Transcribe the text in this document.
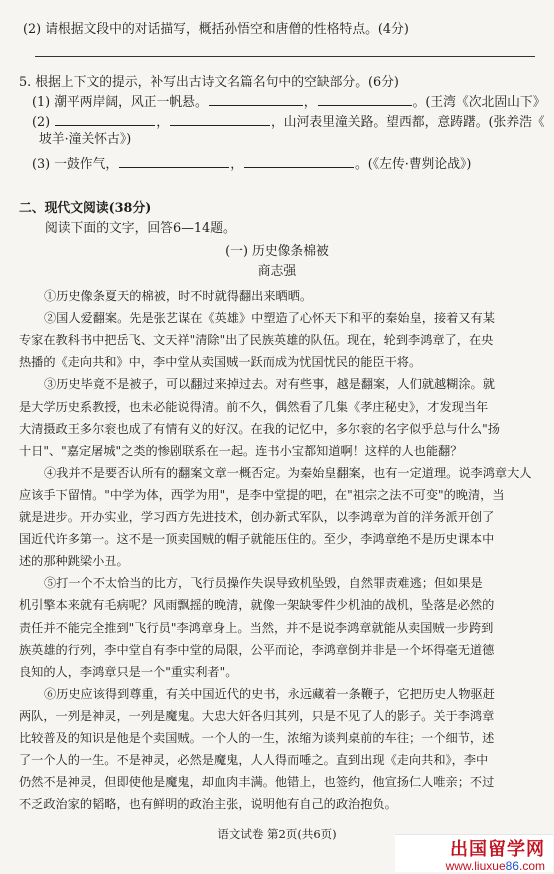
(2) 请根据文段中的对话描写，概括孙悟空和唐僧的性格特点。(4分)
5. 根据上下文的提示，补写出古诗文名篇名句中的空缺部分。(6分)
(1) 潮平两岸阔，风正一帆悬。	，	。(王湾《次北固山下》
(2)	，	，山河表里潼关路。望西都，意踌躇。(张养浩《
坡羊·潼关怀古》)
(3) 一鼓作气，	，	。(《左传·曹刿论战》)
二、现代文阅读(38分)
阅读下面的文字，回答6—14题。
(一) 历史像条棉被
商志强
①历史像条夏天的棉被，时不时就得翻出来晒晒。
②国人爱翻案。先是张艺谋在《英雄》中塑造了心怀天下和平的秦始皇，接着又有某
专家在教科书中把岳飞、文天祥"清除"出了民族英雄的队伍。现在，轮到李鸿章了，在央
热播的《走向共和》中，李中堂从卖国贼一跃而成为忧国忧民的能臣干将。
③历史毕竟不是被子，可以翻过来掉过去。对有些事，越是翻案，人们就越糊涂。就
是大学历史系教授，也未必能说得清。前不久，偶然看了几集《孝庄秘史》，才发现当年
大清摄政王多尔衮也成了有情有义的好汉。在我的记忆中，多尔衮的名字似乎总与什么"扬
十日"、"嘉定屠城"之类的惨剧联系在一起。连书小宝都知道啊！这样的人也能翻？
④我并不是要否认所有的翻案文章一概否定。为秦始皇翻案，也有一定道理。说李鸿章大人
应该手下留情。"中学为体，西学为用"，是李中堂提的吧，在"祖宗之法不可变"的晚清，当
就是进步。开办实业，学习西方先进技术，创办新式军队，以李鸿章为首的洋务派开创了
国近代许多第一。这不是一顶卖国贼的帽子就能压住的。至少，李鸿章绝不是历史课本中
述的那种跳梁小丑。
⑤打一个不太恰当的比方，飞行员操作失误导致机坠毁，自然罪责难逃；但如果是
机引擎本来就有毛病呢？风雨飘摇的晚清，就像一架缺零件少机油的战机，坠落是必然的
责任并不能完全推到"飞行员"李鸿章身上。当然，并不是说李鸿章就能从卖国贼一步跨到
族英雄的行列，李中堂自有李中堂的局限，公平而论，李鸿章倒并非是一个坏得毫无道德
良知的人，李鸿章只是一个"重实利者"。
⑥历史应该得到尊重，有关中国近代的史书，永远藏着一条鞭子，它把历史人物驱赶
两队，一列是神灵，一列是魔鬼。大忠大奸各归其列，只是不见了人的影子。关于李鸿章
比较普及的知识是他是个卖国贼。一个人的一生，浓缩为谈判桌前的车往；一个细节，述
了一个人的一生。不是神灵，必然是魔鬼，人人得而唾之。直到出现《走向共和》，李中
仍然不是神灵，但即使他是魔鬼，却血肉丰满。他错上，也签约，他宣扬仁人唯亲；不过
不乏政治家的韬略，也有鲜明的政治主张，说明他有自己的政治抱负。
语文试卷 第2页(共6页)
出国留学网
www.liuxue86.com
